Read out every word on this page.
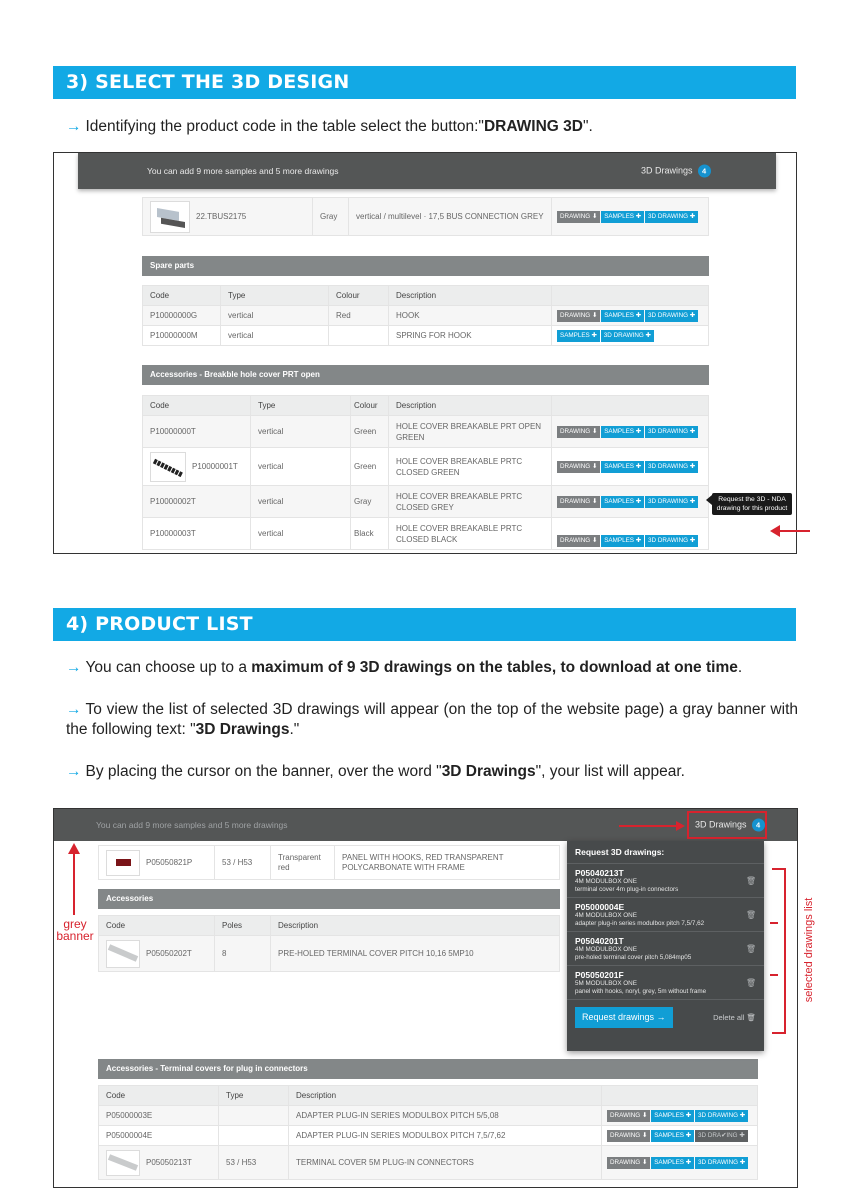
3) SELECT THE 3D DESIGN
→ Identifying the product code in the table select the button:"DRAWING 3D".
You can add 9 more samples and 5 more drawings	3D Drawings 4
22.TBUS2175	Gray	vertical / multilevel · 17,5 BUS CONNECTION GREY	DRAWING ⬇ SAMPLES ✚ 3D DRAWING ✚
Spare parts
Code	Type	Colour	Description	
P10000000G	vertical	Red	HOOK	DRAWING ⬇ SAMPLES ✚ 3D DRAWING ✚
P10000000M	vertical		SPRING FOR HOOK	SAMPLES ✚ 3D DRAWING ✚
Accessories - Breakble hole cover PRT open
Code	Type	Colour	Description	
P10000000T	vertical	Green	HOLE COVER BREAKABLE PRT OPEN GREEN	DRAWING ⬇ SAMPLES ✚ 3D DRAWING ✚

P10000001T	vertical	Green	HOLE COVER BREAKABLE PRTC CLOSED GREEN	DRAWING ⬇ SAMPLES ✚ 3D DRAWING ✚
P10000002T	vertical	Gray	HOLE COVER BREAKABLE PRTC CLOSED GREY	DRAWING ⬇ SAMPLES ✚ 3D DRAWING ✚
P10000003T	vertical	Black	HOLE COVER BREAKABLE PRTC CLOSED BLACK	DRAWING ⬇ SAMPLES ✚ 3D DRAWING ✚
Request the 3D - NDA drawing for this product
4) PRODUCT LIST
→ You can choose up to a maximum of 9 3D drawings on the tables, to download at one time.
→ To view the list of selected 3D drawings will appear (on the top of the website page) a gray banner with the following text: "3D Drawings."
→ By placing the cursor on the banner, over the word "3D Drawings", your list will appear.
You can add 9 more samples and 5 more drawings	3D Drawings 4
P05050821P	53 / H53	Transparent red	PANEL WITH HOOKS, RED TRANSPARENT POLYCARBONATE WITH FRAME
Accessories
Code	Poles	Description

P05050202T	8	PRE-HOLED TERMINAL COVER PITCH 10,16 5MP10
Request 3D drawings:
P05040213T
4M MODULBOX ONE
terminal cover 4m plug-in connectors
🗑
P05000004E
4M MODULBOX ONE
adapter plug-in series modulbox pitch 7,5/7,62
🗑
P05040201T
4M MODULBOX ONE
pre-holed terminal cover pitch 5,084mp05
🗑
P05050201F
5M MODULBOX ONE
panel with hooks, noryl, grey, 5m without frame
🗑
Request drawings →	Delete all 🗑
Accessories - Terminal covers for plug in connectors
Code	Type	Description	
P05000003E		ADAPTER PLUG-IN SERIES MODULBOX PITCH 5/5,08	DRAWING ⬇ SAMPLES ✚ 3D DRAWING ✚
P05000004E		ADAPTER PLUG-IN SERIES MODULBOX PITCH 7,5/7,62	DRAWING ⬇ SAMPLES ✚ 3D DRA✔ING ✚

P05050213T	53 / H53	TERMINAL COVER 5M PLUG-IN CONNECTORS	DRAWING ⬇ SAMPLES ✚ 3D DRAWING ✚
grey banner	selected drawings list
